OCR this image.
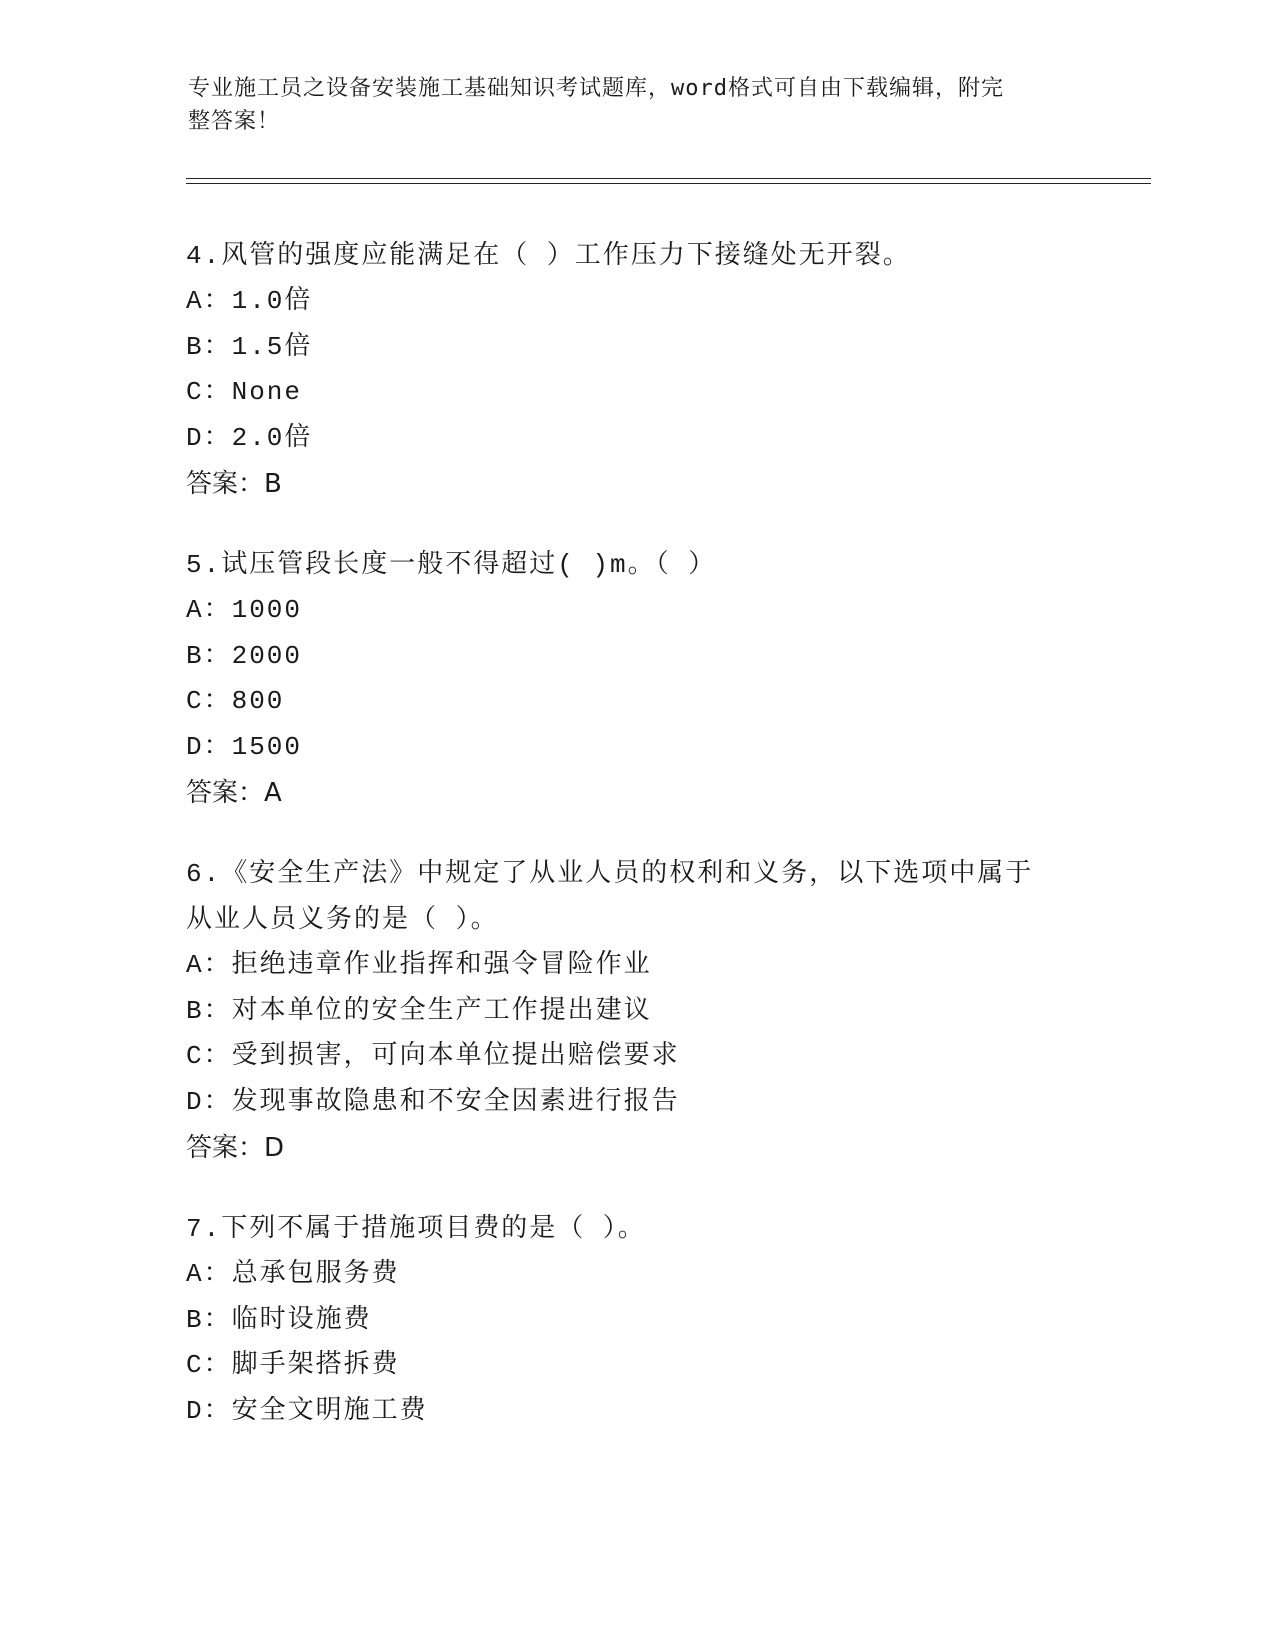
专业施工员之设备安装施工基础知识考试题库，word格式可自由下载编辑，附完
整答案！

4.风管的强度应能满足在（ ）工作压力下接缝处无开裂。

A：1.0倍

B：1.5倍

C：None

D：2.0倍

答案：B

5.试压管段长度一般不得超过( )m。（ ）

A：1000

B：2000

C：800

D：1500

答案：A

6.《安全生产法》中规定了从业人员的权利和义务，以下选项中属于

从业人员义务的是（ ）。

A：拒绝违章作业指挥和强令冒险作业

B：对本单位的安全生产工作提出建议

C：受到损害，可向本单位提出赔偿要求

D：发现事故隐患和不安全因素进行报告

答案：D

7.下列不属于措施项目费的是（ ）。

A：总承包服务费

B：临时设施费

C：脚手架搭拆费

D：安全文明施工费
